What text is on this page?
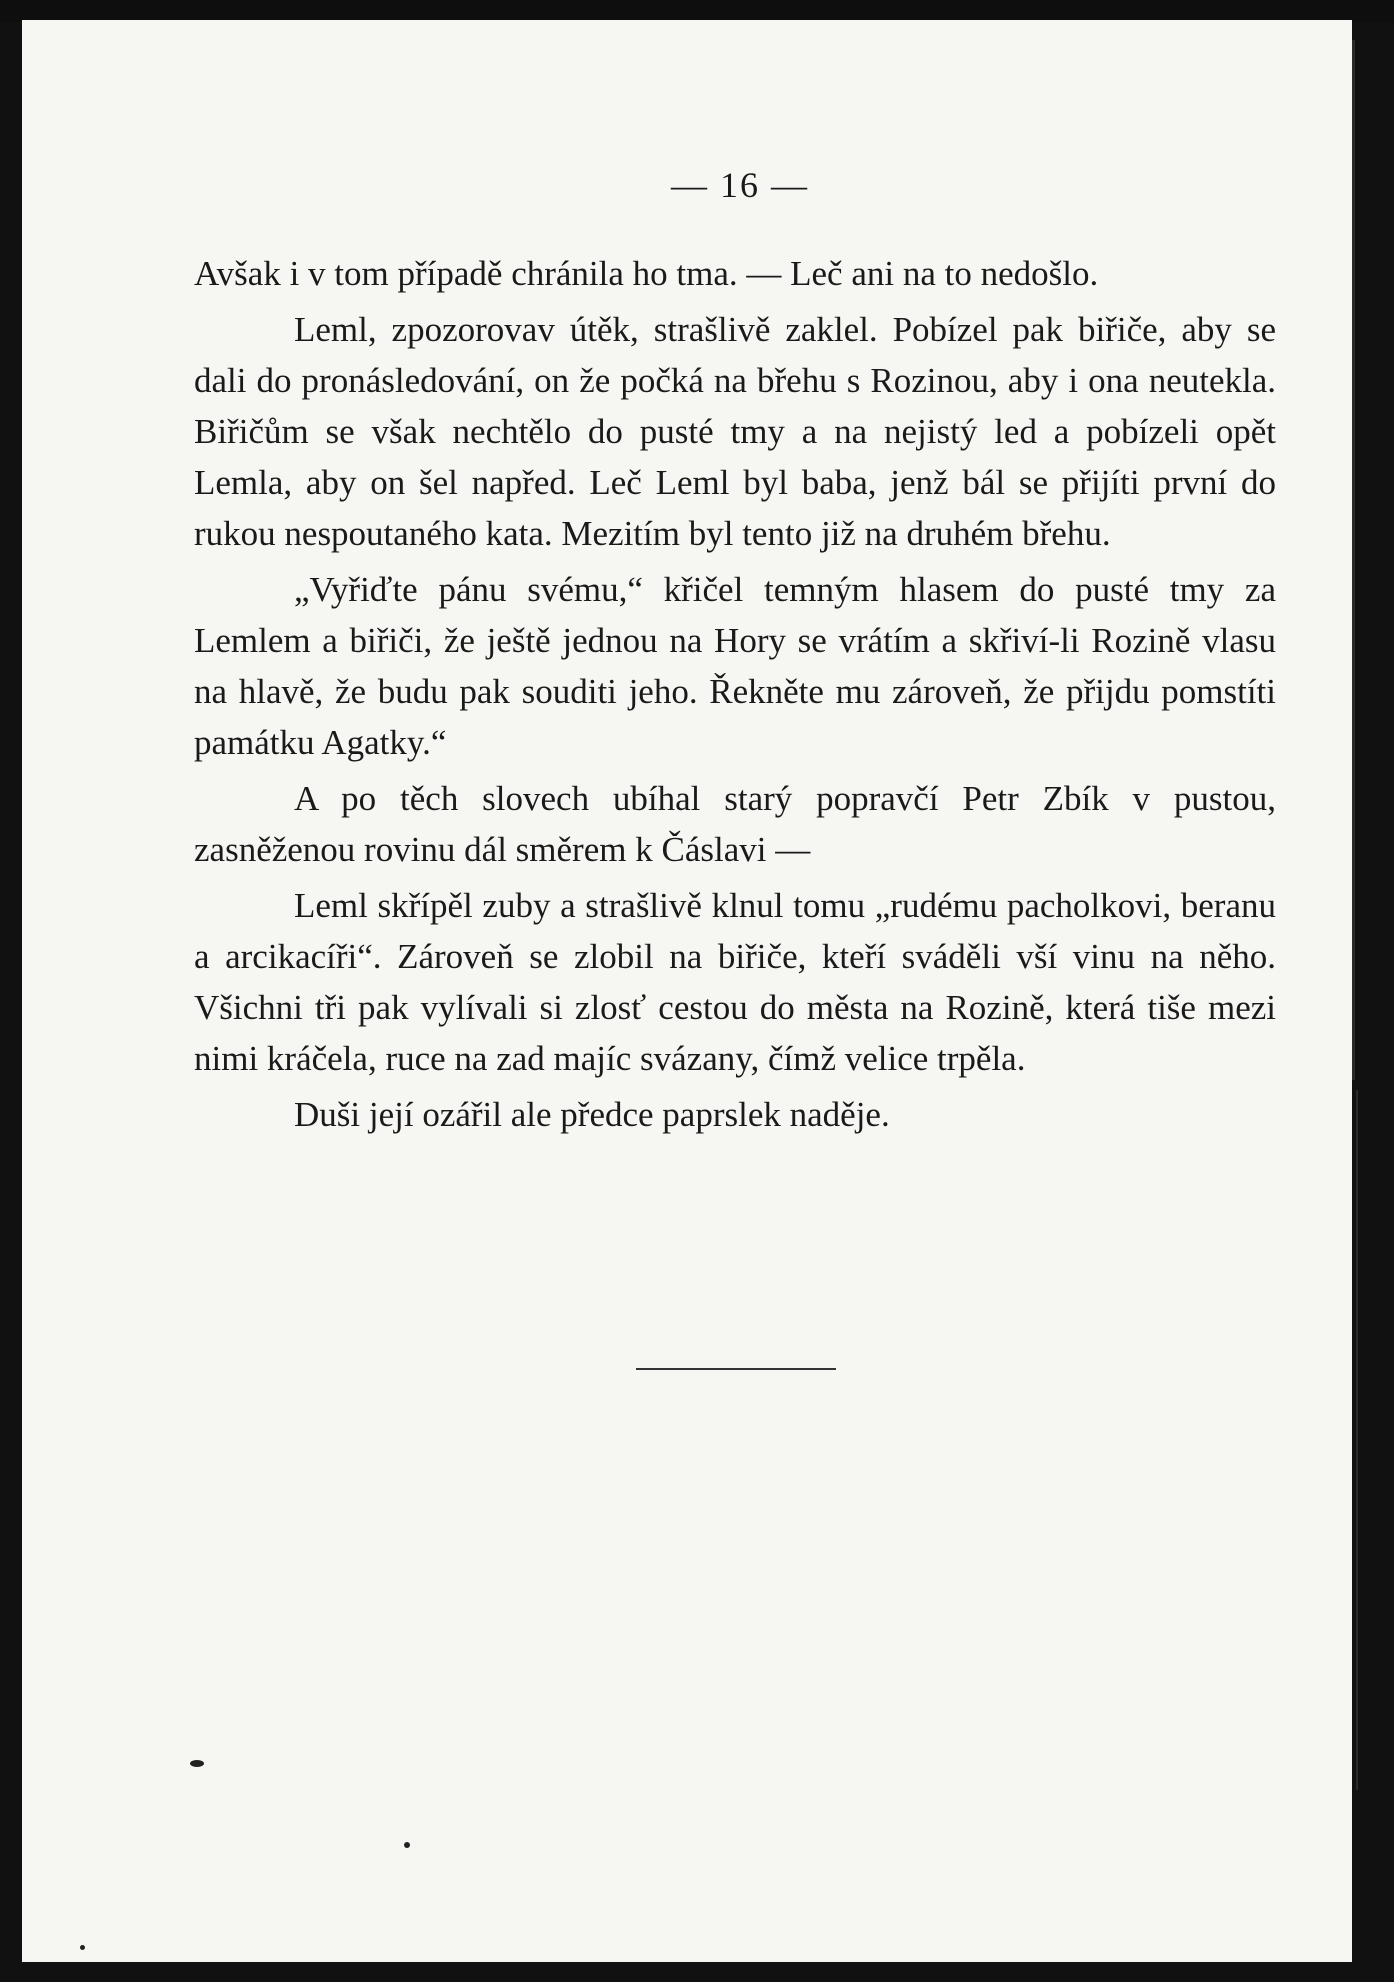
— 16 —

Avšak i v tom případě chránila ho tma. — Leč ani na to nedošlo.

Leml, zpozorovav útěk, strašlivě zaklel. Pobízel pak biřiče, aby se dali do pronásledování, on že počká na břehu s Rozinou, aby i ona neutekla. Biřičům se však nechtělo do pusté tmy a na nejistý led a pobízeli opět Lemla, aby on šel napřed. Leč Leml byl baba, jenž bál se přijíti první do rukou nespoutaného kata. Mezitím byl tento již na druhém břehu.

„Vyřiďte pánu svému,“ křičel temným hlasem do pusté tmy za Lemlem a biřiči, že ještě jednou na Hory se vrátím a skřiví-li Rozině vlasu na hlavě, že budu pak souditi jeho. Řekněte mu zároveň, že přijdu pomstíti památku Agatky.“

A po těch slovech ubíhal starý popravčí Petr Zbík v pustou, zasněženou rovinu dál směrem k Čáslavi —

Leml skřípěl zuby a strašlivě klnul tomu „rudému pacholkovi, beranu a arcikacíři“. Zároveň se zlobil na biřiče, kteří sváděli vší vinu na něho. Všichni tři pak vylívali si zlosť cestou do města na Rozině, která tiše mezi nimi kráčela, ruce na zad majíc svázany, čímž velice trpěla.

Duši její ozářil ale předce paprslek naděje.
